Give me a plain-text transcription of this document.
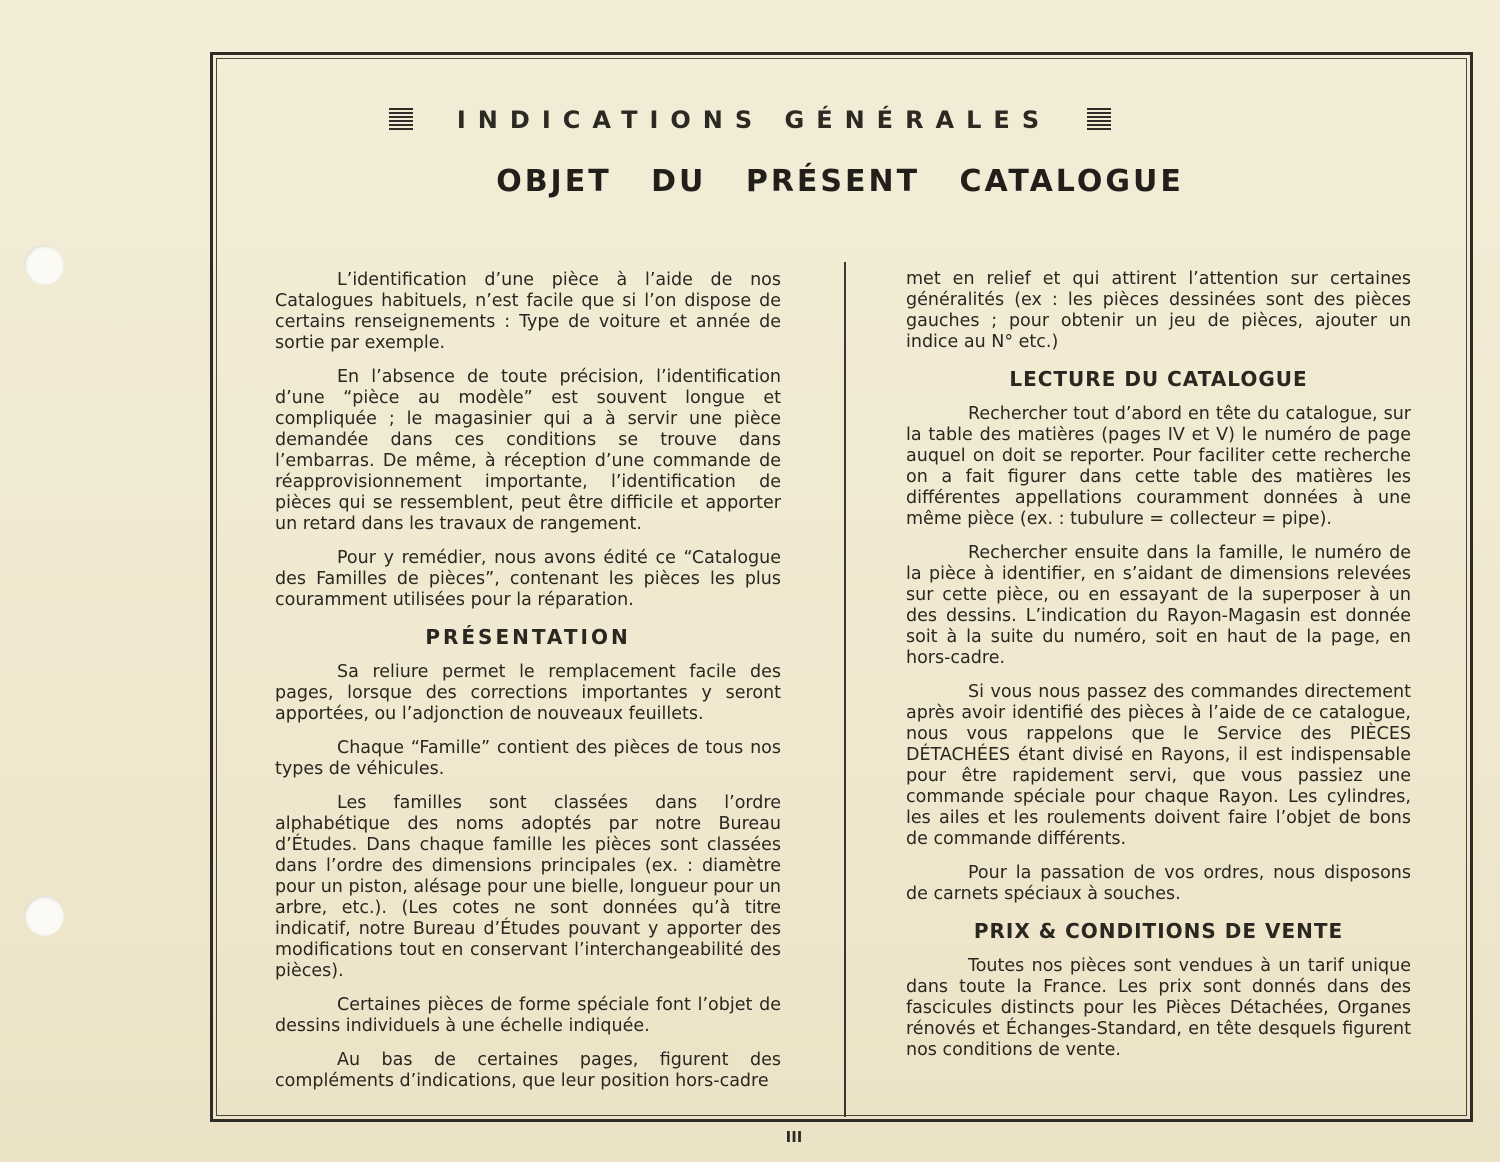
INDICATIONS GÉNÉRALES
OBJET DU PRÉSENT CATALOGUE

L’identification d’une pièce à l’aide de nos Catalogues habituels, n’est facile que si l’on dispose de certains renseignements : Type de voiture et année de sortie par exemple.

En l’absence de toute précision, l’identification d’une “pièce au modèle” est souvent longue et compliquée ; le magasinier qui a à servir une pièce demandée dans ces conditions se trouve dans l’embarras. De même, à réception d’une commande de réapprovisionnement importante, l’identification de pièces qui se ressemblent, peut être difficile et apporter un retard dans les travaux de rangement.

Pour y remédier, nous avons édité ce “Catalogue des Familles de pièces”, contenant les pièces les plus couramment utilisées pour la réparation.

PRÉSENTATION

Sa reliure permet le remplacement facile des pages, lorsque des corrections importantes y seront apportées, ou l’adjonction de nouveaux feuillets.

Chaque “Famille” contient des pièces de tous nos types de véhicules.

Les familles sont classées dans l’ordre alphabétique des noms adoptés par notre Bureau d’Études. Dans chaque famille les pièces sont classées dans l’ordre des dimensions principales (ex. : diamètre pour un piston, alésage pour une bielle, longueur pour un arbre, etc.). (Les cotes ne sont données qu’à titre indicatif, notre Bureau d’Études pouvant y apporter des modifications tout en conservant l’interchangeabilité des pièces).

Certaines pièces de forme spéciale font l’objet de dessins individuels à une échelle indiquée.

Au bas de certaines pages, figurent des compléments d’indications, que leur position hors-cadre

met en relief et qui attirent l’attention sur certaines généralités (ex : les pièces dessinées sont des pièces gauches ; pour obtenir un jeu de pièces, ajouter un indice au N° etc.)

LECTURE DU CATALOGUE

Rechercher tout d’abord en tête du catalogue, sur la table des matières (pages IV et V) le numéro de page auquel on doit se reporter. Pour faciliter cette recherche on a fait figurer dans cette table des matières les différentes appellations couramment données à une même pièce (ex. : tubulure = collecteur = pipe).

Rechercher ensuite dans la famille, le numéro de la pièce à identifier, en s’aidant de dimensions relevées sur cette pièce, ou en essayant de la superposer à un des dessins. L’indication du Rayon-Magasin est donnée soit à la suite du numéro, soit en haut de la page, en hors-cadre.

Si vous nous passez des commandes directement après avoir identifié des pièces à l’aide de ce catalogue, nous vous rappelons que le Service des PIÈCES DÉTACHÉES étant divisé en Rayons, il est indispensable pour être rapidement servi, que vous passiez une commande spéciale pour chaque Rayon. Les cylindres, les ailes et les roulements doivent faire l’objet de bons de commande différents.

Pour la passation de vos ordres, nous disposons de carnets spéciaux à souches.

PRIX & CONDITIONS DE VENTE

Toutes nos pièces sont vendues à un tarif unique dans toute la France. Les prix sont donnés dans des fascicules distincts pour les Pièces Détachées, Organes rénovés et Échanges-Standard, en tête desquels figurent nos conditions de vente.

III
